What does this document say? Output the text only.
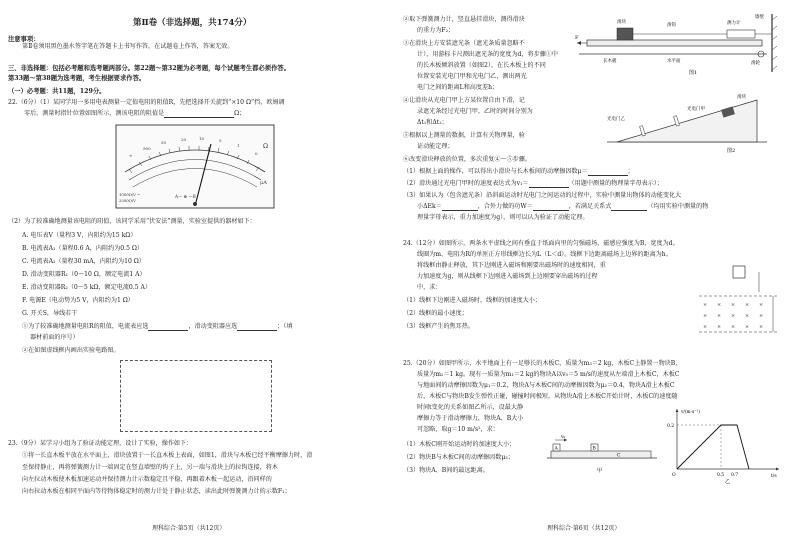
第Ⅱ卷（非选择题，共174分）
注意事项：
第Ⅱ卷须用黑色墨水签字笔在答题卡上书写作答，在试题卷上作答，答案无效。
三、非选择题：包括必考题和选考题两部分。第22题～第32题为必考题，每个试题考生都必须作答。
第33题～第38题为选考题，考生根据要求作答。
（一）必考题：共11题，129分。
22.（6分）（1）某同学用一多用电表测量一定值电阻的阻值R，先把选择开关旋到“×10 Ω”挡，欧姆调
零后，测量时指针位置如图所示，测该电阻的阻值是	Ω；
∞
500
50
20	10	5
1
0
Ω
μA
1000Ω/V ~
2500Ω/V
A— ⊕ —B
（2）为了较准确地测量该电阻的阻值，该同学采用“伏安法”测量，实验室提供的器材如下：
A. 电压表V（量程3 V，内阻约为15 kΩ）
B. 电流表A₁（量程0.6 A，内阻约为0.5 Ω）
C. 电流表A₂（量程30 mA，内阻约为10 Ω）
D. 滑动变阻器R₁（0～10 Ω，额定电流1 A）
E. 滑动变阻器R₂（0～5 kΩ，额定电流0.5 A）
F. 电源E（电动势为5 V，内阻约为1 Ω）
G. 开关S，导线若干
①为了较准确地测量电阻R的阻值，电流表应选	，滑动变阻器应选	；（填
器材前面的序号）
②在如图虚线框内画出实验电路图。
23.（9分）某学习小组为了验证动能定理，设计了实验，操作如下：
①将一长直木板平放在水平面上，滑块放置于一长直木板上表面，如图1，滑块与木板已经平衡摩擦力时，滑
至保持静止，再将弹簧测力计一端固定在竖直墙壁的钩子上，另一端与滑块上的拉钩连接，将木
向左拉动木板使木板加速运动并保持测力计示数稳定且平稳，再跟着木板一起运动，沿同样的
向右拉动木板在相同平面内等待物体稳定时的测力计处于静止状态，读出此时弹簧测力计的示数F₁；
理科综合·第5页（共12页）
②取下弹簧测力计，竖直悬挂滑块，测得滑块
的重力为F₂；
③在滑块上方安装遮光条（遮光条质量忽略不
计），用游标卡尺测出遮光条的宽度为d，将步骤①中
的长木板倾斜放置（如图2），在长木板上的不同
位置安装光电门甲和光电门乙，测出两光
电门之间的距离L和高度差h；
④让滑块从光电门甲上方某位置自由下滑，记
录遮光条经过光电门甲、乙时的时间分别为
Δt₁和Δt₂；
⑤根据以上测量的数据，计算有关物理量，验
证动能定理；
⑥改变滑块释放的位置，多次重复④～⑤步骤。
F
滑块
滑钩	测力计
墙壁
长木板	水平面	滑轮
图1
光电门甲
光电门乙
滑块
图2
（1）根据上面的操作，可以得出小滑块与长木板间的动摩擦因数μ＝	；
（2）滑块通过光电门甲时的速度表达式为v₁＝	（用题中测量的物理量字母表示）；
（3）如果认为（包含遮光条）沿斜面运动时光电门之间运动的过程中，实验中测量出物体的动能变化大
小ΔEk＝	，合外力做的功W＝	，若满足关系式	（均用实验中测量的物
理量字母表示，重力加速度为g），则可以认为验证了动能定理。
24.（12分）如图所示，两条水平虚线之间有垂直于纸面向里的匀强磁场，磁感应强度为B，宽度为d。
线圈为m、电阻为R的单匝正方形线框边长为L（L＜d）。线框下边距离磁场上边界的距离为h。
将线框由静止释放，其下边刚进入磁场和刚要出磁场时的速度相同，重
力加速度为g，则从线框下边刚进入磁场到上边刚要穿出磁场的过程
中，求：
（1）线框下边刚进入磁场时，线框的加速度大小；
（2）线框的最小速度；
（3）线框产生的焦耳热。
× × × × ×
× × × × ×
× × × × ×
25.（20分）如图甲所示，水平地面上有一足够长的木板C，质量为m₃＝2 kg，木板C上静置一物块B，
质量为m₂＝1 kg。现有一质量为m₁＝2 kg的物块A以v₀＝5 m/s的速度从左端滑上木板C，木板C
与地面间的动摩擦因数为μ₁＝0.2，物块A与木板C间的动摩擦因数为μ₂＝0.4，物块A滑上木板C
后，木板C与物块B发生弹性正碰，碰撞时间极短，从物块A滑上木板C开始计时，木板C的速度随
时间t变化的关系如图乙所示，设最大静
摩擦力等于滑动摩擦力，物块A、B大小
可忽略，取g＝10 m/s²，求：
（1）木板C刚开始运动时的加速度大小；
（2）物块B与木板C间的动摩擦因数μ₃；
（3）物块A、B间的最远距离。
v₀
A	B
C
甲
v/(m·s⁻¹)
t/s
0.2
0.5 0.7
O
乙
理科综合·第6页（共12页）
